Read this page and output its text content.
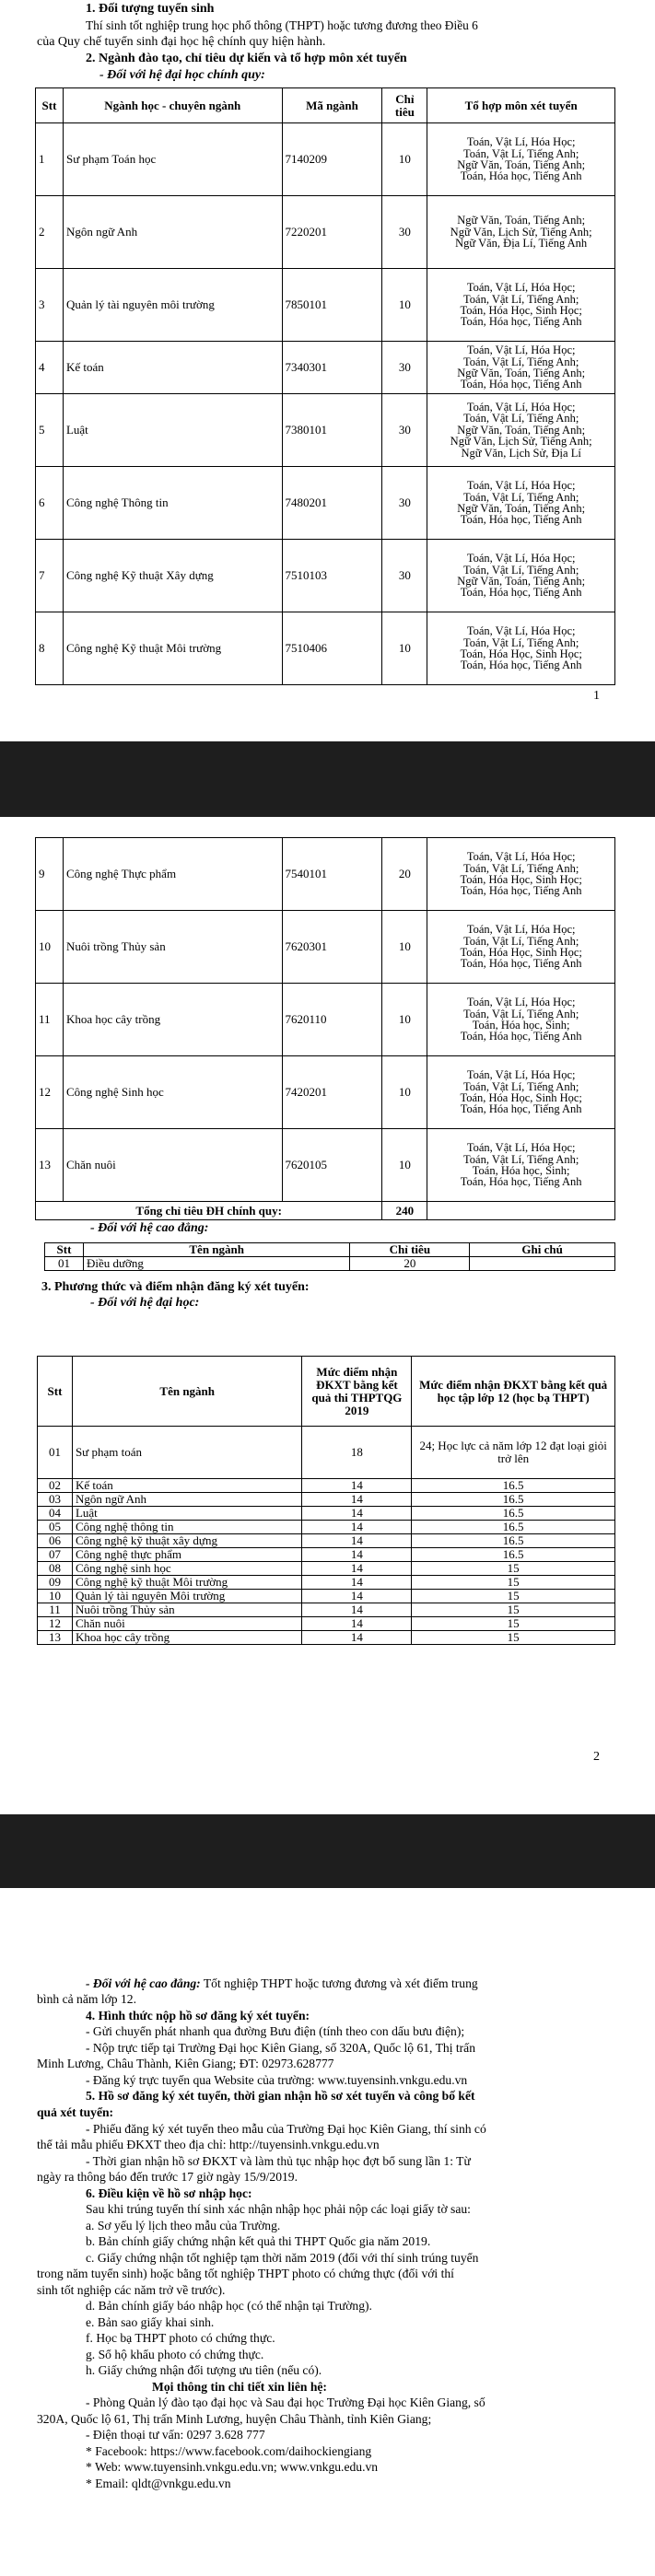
1. Đối tượng tuyển sinh

Thí sinh tốt nghiệp trung học phổ thông (THPT) hoặc tương đương theo Điều 6

của Quy chế tuyển sinh đại học hệ chính quy hiện hành.

2. Ngành đào tạo, chỉ tiêu dự kiến và tổ hợp môn xét tuyển

- Đối với hệ đại học chính quy:

Stt	Ngành học - chuyên ngành	Mã ngành	Chỉ tiêu	Tổ hợp môn xét tuyển
1	Sư phạm Toán học	7140209	10	Toán, Vật Lí, Hóa Học;
Toán, Vật Lí, Tiếng Anh;
Ngữ Văn, Toán, Tiếng Anh;
Toán, Hóa học, Tiếng Anh

2	Ngôn ngữ Anh	7220201	30	Ngữ Văn, Toán, Tiếng Anh;
Ngữ Văn, Lịch Sử, Tiếng Anh;
Ngữ Văn, Địa Lí, Tiếng Anh

3	Quản lý tài nguyên môi trường	7850101	10	Toán, Vật Lí, Hóa Học;
Toán, Vật Lí, Tiếng Anh;
Toán, Hóa Học, Sinh Học;
Toán, Hóa học, Tiếng Anh

4	Kế toán	7340301	30	Toán, Vật Lí, Hóa Học;
Toán, Vật Lí, Tiếng Anh;
Ngữ Văn, Toán, Tiếng Anh;
Toán, Hóa học, Tiếng Anh

5	Luật	7380101	30	Toán, Vật Lí, Hóa Học;
Toán, Vật Lí, Tiếng Anh;
Ngữ Văn, Toán, Tiếng Anh;
Ngữ Văn, Lịch Sử, Tiếng Anh;
Ngữ Văn, Lịch Sử, Địa Lí

6	Công nghệ Thông tin	7480201	30	Toán, Vật Lí, Hóa Học;
Toán, Vật Lí, Tiếng Anh;
Ngữ Văn, Toán, Tiếng Anh;
Toán, Hóa học, Tiếng Anh

7	Công nghệ Kỹ thuật Xây dựng	7510103	30	Toán, Vật Lí, Hóa Học;
Toán, Vật Lí, Tiếng Anh;
Ngữ Văn, Toán, Tiếng Anh;
Toán, Hóa học, Tiếng Anh

8	Công nghệ Kỹ thuật Môi trường	7510406	10	Toán, Vật Lí, Hóa Học;
Toán, Vật Lí, Tiếng Anh;
Toán, Hóa Học, Sinh Học;
Toán, Hóa học, Tiếng Anh
1
9	Công nghệ Thực phẩm	7540101	20	Toán, Vật Lí, Hóa Học;
Toán, Vật Lí, Tiếng Anh;
Toán, Hóa Học, Sinh Học;
Toán, Hóa học, Tiếng Anh

10	Nuôi trồng Thủy sản	7620301	10	Toán, Vật Lí, Hóa Học;
Toán, Vật Lí, Tiếng Anh;
Toán, Hóa Học, Sinh Học;
Toán, Hóa học, Tiếng Anh

11	Khoa học cây trồng	7620110	10	Toán, Vật Lí, Hóa Học;
Toán, Vật Lí, Tiếng Anh;
Toán, Hóa học, Sinh;
Toán, Hóa học, Tiếng Anh

12	Công nghệ Sinh học	7420201	10	Toán, Vật Lí, Hóa Học;
Toán, Vật Lí, Tiếng Anh;
Toán, Hóa Học, Sinh Học;
Toán, Hóa học, Tiếng Anh

13	Chăn nuôi	7620105	10	Toán, Vật Lí, Hóa Học;
Toán, Vật Lí, Tiếng Anh;
Toán, Hóa học, Sinh;
Toán, Hóa học, Tiếng Anh

Tổng chỉ tiêu ĐH chính quy:			240	

- Đối với hệ cao đẳng:

Stt	Tên ngành	Chỉ tiêu	Ghi chú
01	Điều dưỡng	20	

3. Phương thức và điểm nhận đăng ký xét tuyển:

- Đối với hệ đại học:

Stt	Tên ngành	Mức điểm nhận ĐKXT bằng kết quả thi THPTQG 2019	Mức điểm nhận ĐKXT bằng kết quả học tập lớp 12 (học bạ THPT)
01	Sư phạm toán	18	24; Học lực cả năm lớp 12 đạt loại giỏi trở lên
02	Kế toán	14	16.5
03	Ngôn ngữ Anh	14	16.5
04	Luật	14	16.5
05	Công nghệ thông tin	14	16.5
06	Công nghệ kỹ thuật xây dựng	14	16.5
07	Công nghệ thực phẩm	14	16.5
08	Công nghệ sinh học	14	15
09	Công nghệ kỹ thuật Môi trường	14	15
10	Quản lý tài nguyên Môi trường	14	15
11	Nuôi trồng Thủy sản	14	15
12	Chăn nuôi	14	15
13	Khoa học cây trồng	14	15
2

- Đối với hệ cao đẳng: Tốt nghiệp THPT hoặc tương đương và xét điểm trung

bình cả năm lớp 12.

4. Hình thức nộp hồ sơ đăng ký xét tuyển:

- Gửi chuyển phát nhanh qua đường Bưu điện (tính theo con dấu bưu điện);

- Nộp trực tiếp tại Trường Đại học Kiên Giang, số 320A, Quốc lộ 61, Thị trấn

Minh Lương, Châu Thành, Kiên Giang; ĐT: 02973.628777

- Đăng ký trực tuyến qua Website của trường: www.tuyensinh.vnkgu.edu.vn

5. Hồ sơ đăng ký xét tuyển, thời gian nhận hồ sơ xét tuyển và công bố kết

quả xét tuyển:

- Phiếu đăng ký xét tuyển theo mẫu của Trường Đại học Kiên Giang, thí sinh có

thể tải mẫu phiếu ĐKXT theo địa chỉ: http://tuyensinh.vnkgu.edu.vn

- Thời gian nhận hồ sơ ĐKXT và làm thủ tục nhập học đợt bổ sung lần 1: Từ

ngày ra thông báo đến trước 17 giờ ngày 15/9/2019.

6. Điều kiện về hồ sơ nhập học:

Sau khi trúng tuyển thí sinh xác nhận nhập học phải nộp các loại giấy tờ sau:

a. Sơ yếu lý lịch theo mẫu của Trường.

b. Bản chính giấy chứng nhận kết quả thi THPT Quốc gia năm 2019.

c. Giấy chứng nhận tốt nghiệp tạm thời năm 2019 (đối với thí sinh trúng tuyển

trong năm tuyển sinh) hoặc bằng tốt nghiệp THPT photo có chứng thực (đối với thí

sinh tốt nghiệp các năm trở về trước).

d. Bản chính giấy báo nhập học (có thể nhận tại Trường).

e. Bản sao giấy khai sinh.

f. Học bạ THPT photo có chứng thực.

g. Sổ hộ khẩu photo có chứng thực.

h. Giấy chứng nhận đối tượng ưu tiên (nếu có).

Mọi thông tin chi tiết xin liên hệ:

- Phòng Quản lý đào tạo đại học và Sau đại học Trường Đại học Kiên Giang, số

320A, Quốc lộ 61, Thị trấn Minh Lương, huyện Châu Thành, tỉnh Kiên Giang;

- Điện thoại tư vấn: 0297 3.628 777

* Facebook: https://www.facebook.com/daihockiengiang

* Web: www.tuyensinh.vnkgu.edu.vn; www.vnkgu.edu.vn

* Email: qldt@vnkgu.edu.vn
